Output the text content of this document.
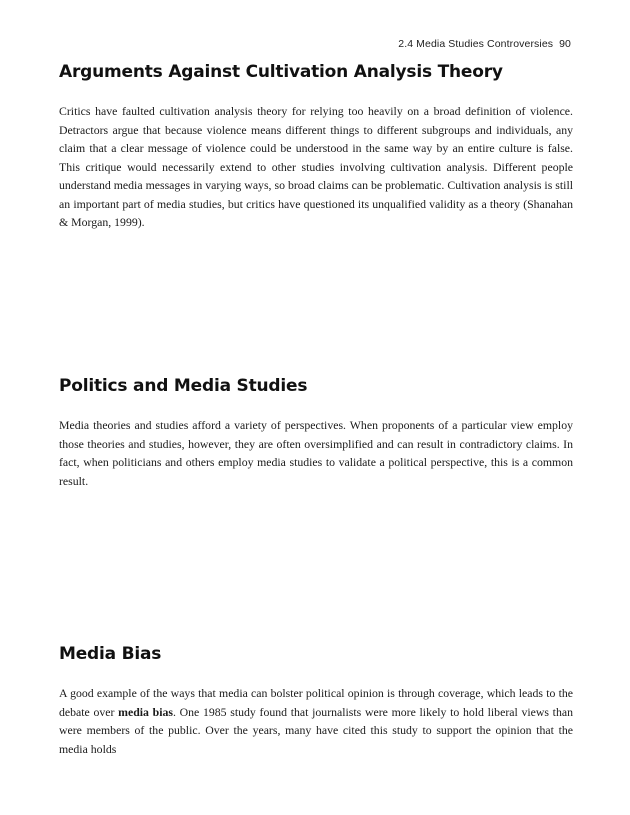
2.4 Media Studies Controversies 90
Arguments Against Cultivation Analysis Theory

Critics have faulted cultivation analysis theory for relying too heavily on a broad definition of violence. Detractors argue that because violence means different things to different subgroups and individuals, any claim that a clear message of violence could be understood in the same way by an entire culture is false. This critique would necessarily extend to other studies involving cultivation analysis. Different people understand media messages in varying ways, so broad claims can be problematic. Cultivation analysis is still an important part of media studies, but critics have questioned its unqualified validity as a theory (Shanahan & Morgan, 1999).

Politics and Media Studies

Media theories and studies afford a variety of perspectives. When proponents of a particular view employ those theories and studies, however, they are often oversimplified and can result in contradictory claims. In fact, when politicians and others employ media studies to validate a political perspective, this is a common result.

Media Bias

A good example of the ways that media can bolster political opinion is through coverage, which leads to the debate over media bias. One 1985 study found that journalists were more likely to hold liberal views than were members of the public. Over the years, many have cited this study to support the opinion that the media holds
